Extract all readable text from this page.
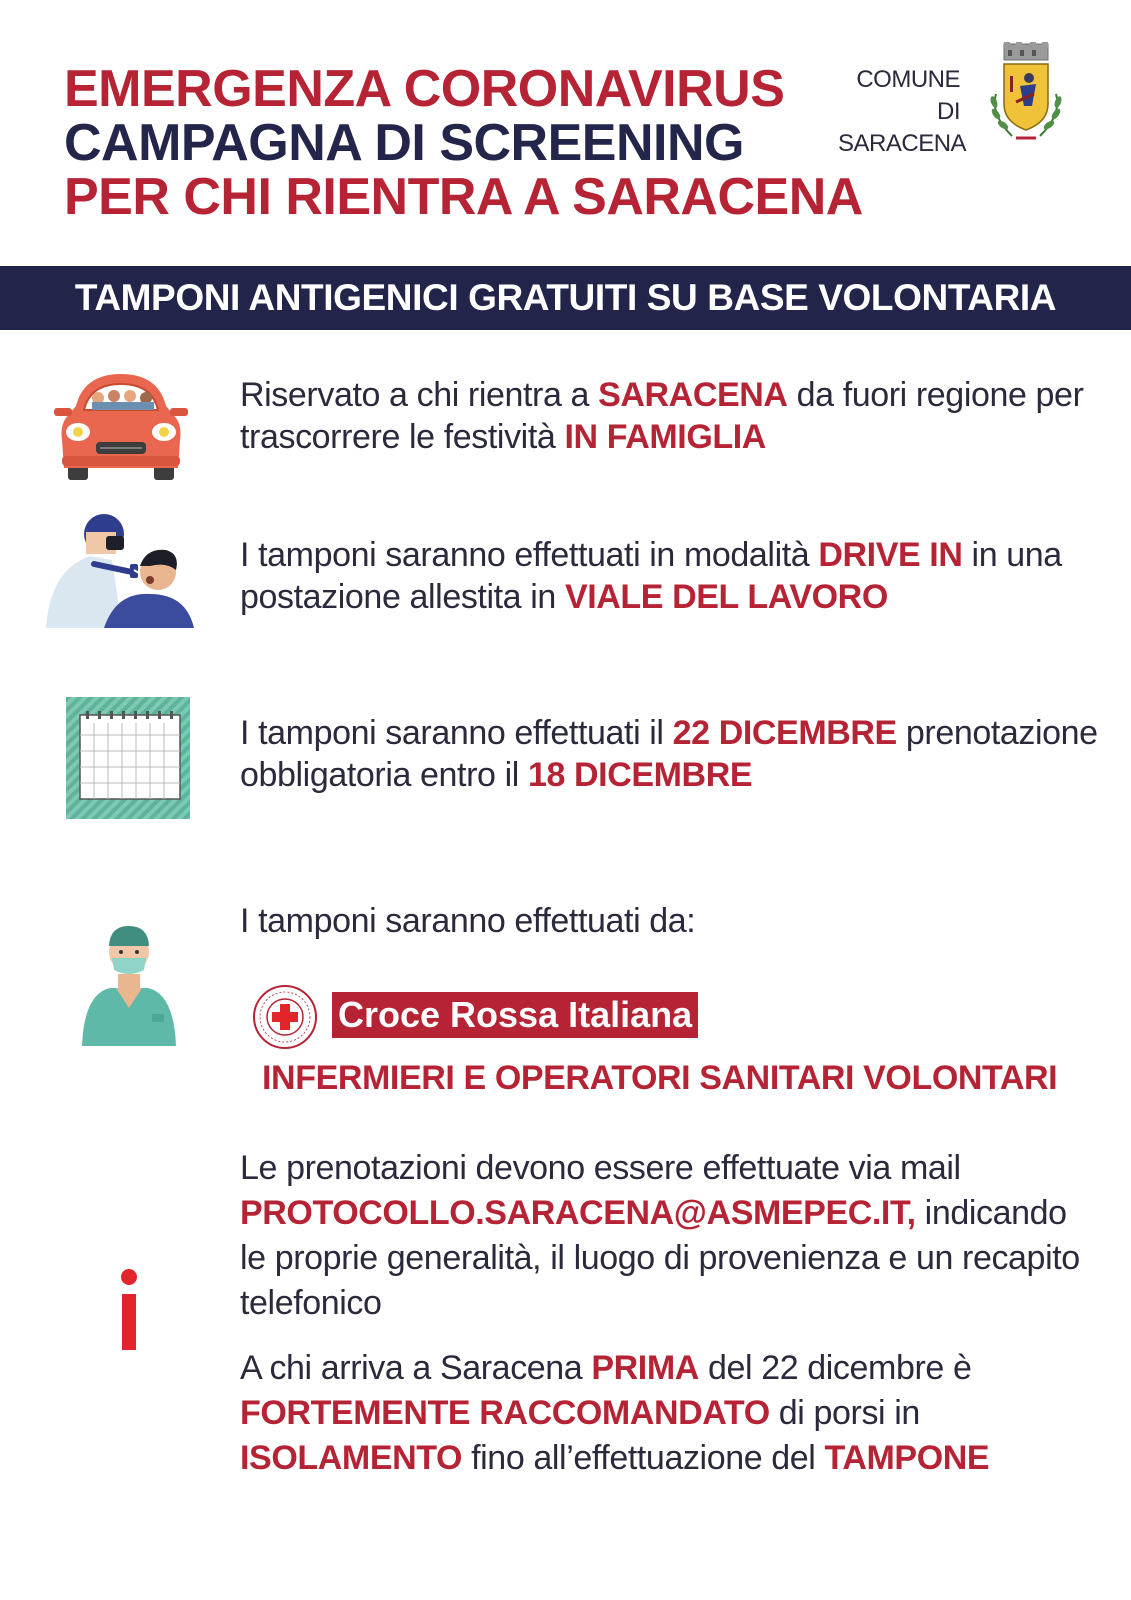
EMERGENZA CORONAVIRUS
CAMPAGNA DI SCREENING
PER CHI RIENTRA A SARACENA
COMUNE
DI SARACENA
TAMPONI ANTIGENICI GRATUITI SU BASE VOLONTARIA
Riservato a chi rientra a SARACENA da fuori regione per trascorrere le festività IN FAMIGLIA
I tamponi saranno effettuati in modalità DRIVE IN in una postazione allestita in VIALE DEL LAVORO
I tamponi saranno effettuati il 22 DICEMBRE prenotazione obbligatoria entro il 18 DICEMBRE
I tamponi saranno effettuati da:
Croce Rossa Italiana
INFERMIERI E OPERATORI SANITARI VOLONTARI
Le prenotazioni devono essere effettuate via mail PROTOCOLLO.SARACENA@ASMEPEC.IT, indicando le proprie generalità, il luogo di provenienza e un recapito telefonico
A chi arriva a Saracena PRIMA del 22 dicembre è FORTEMENTE RACCOMANDATO di porsi in ISOLAMENTO fino all’effettuazione del TAMPONE
